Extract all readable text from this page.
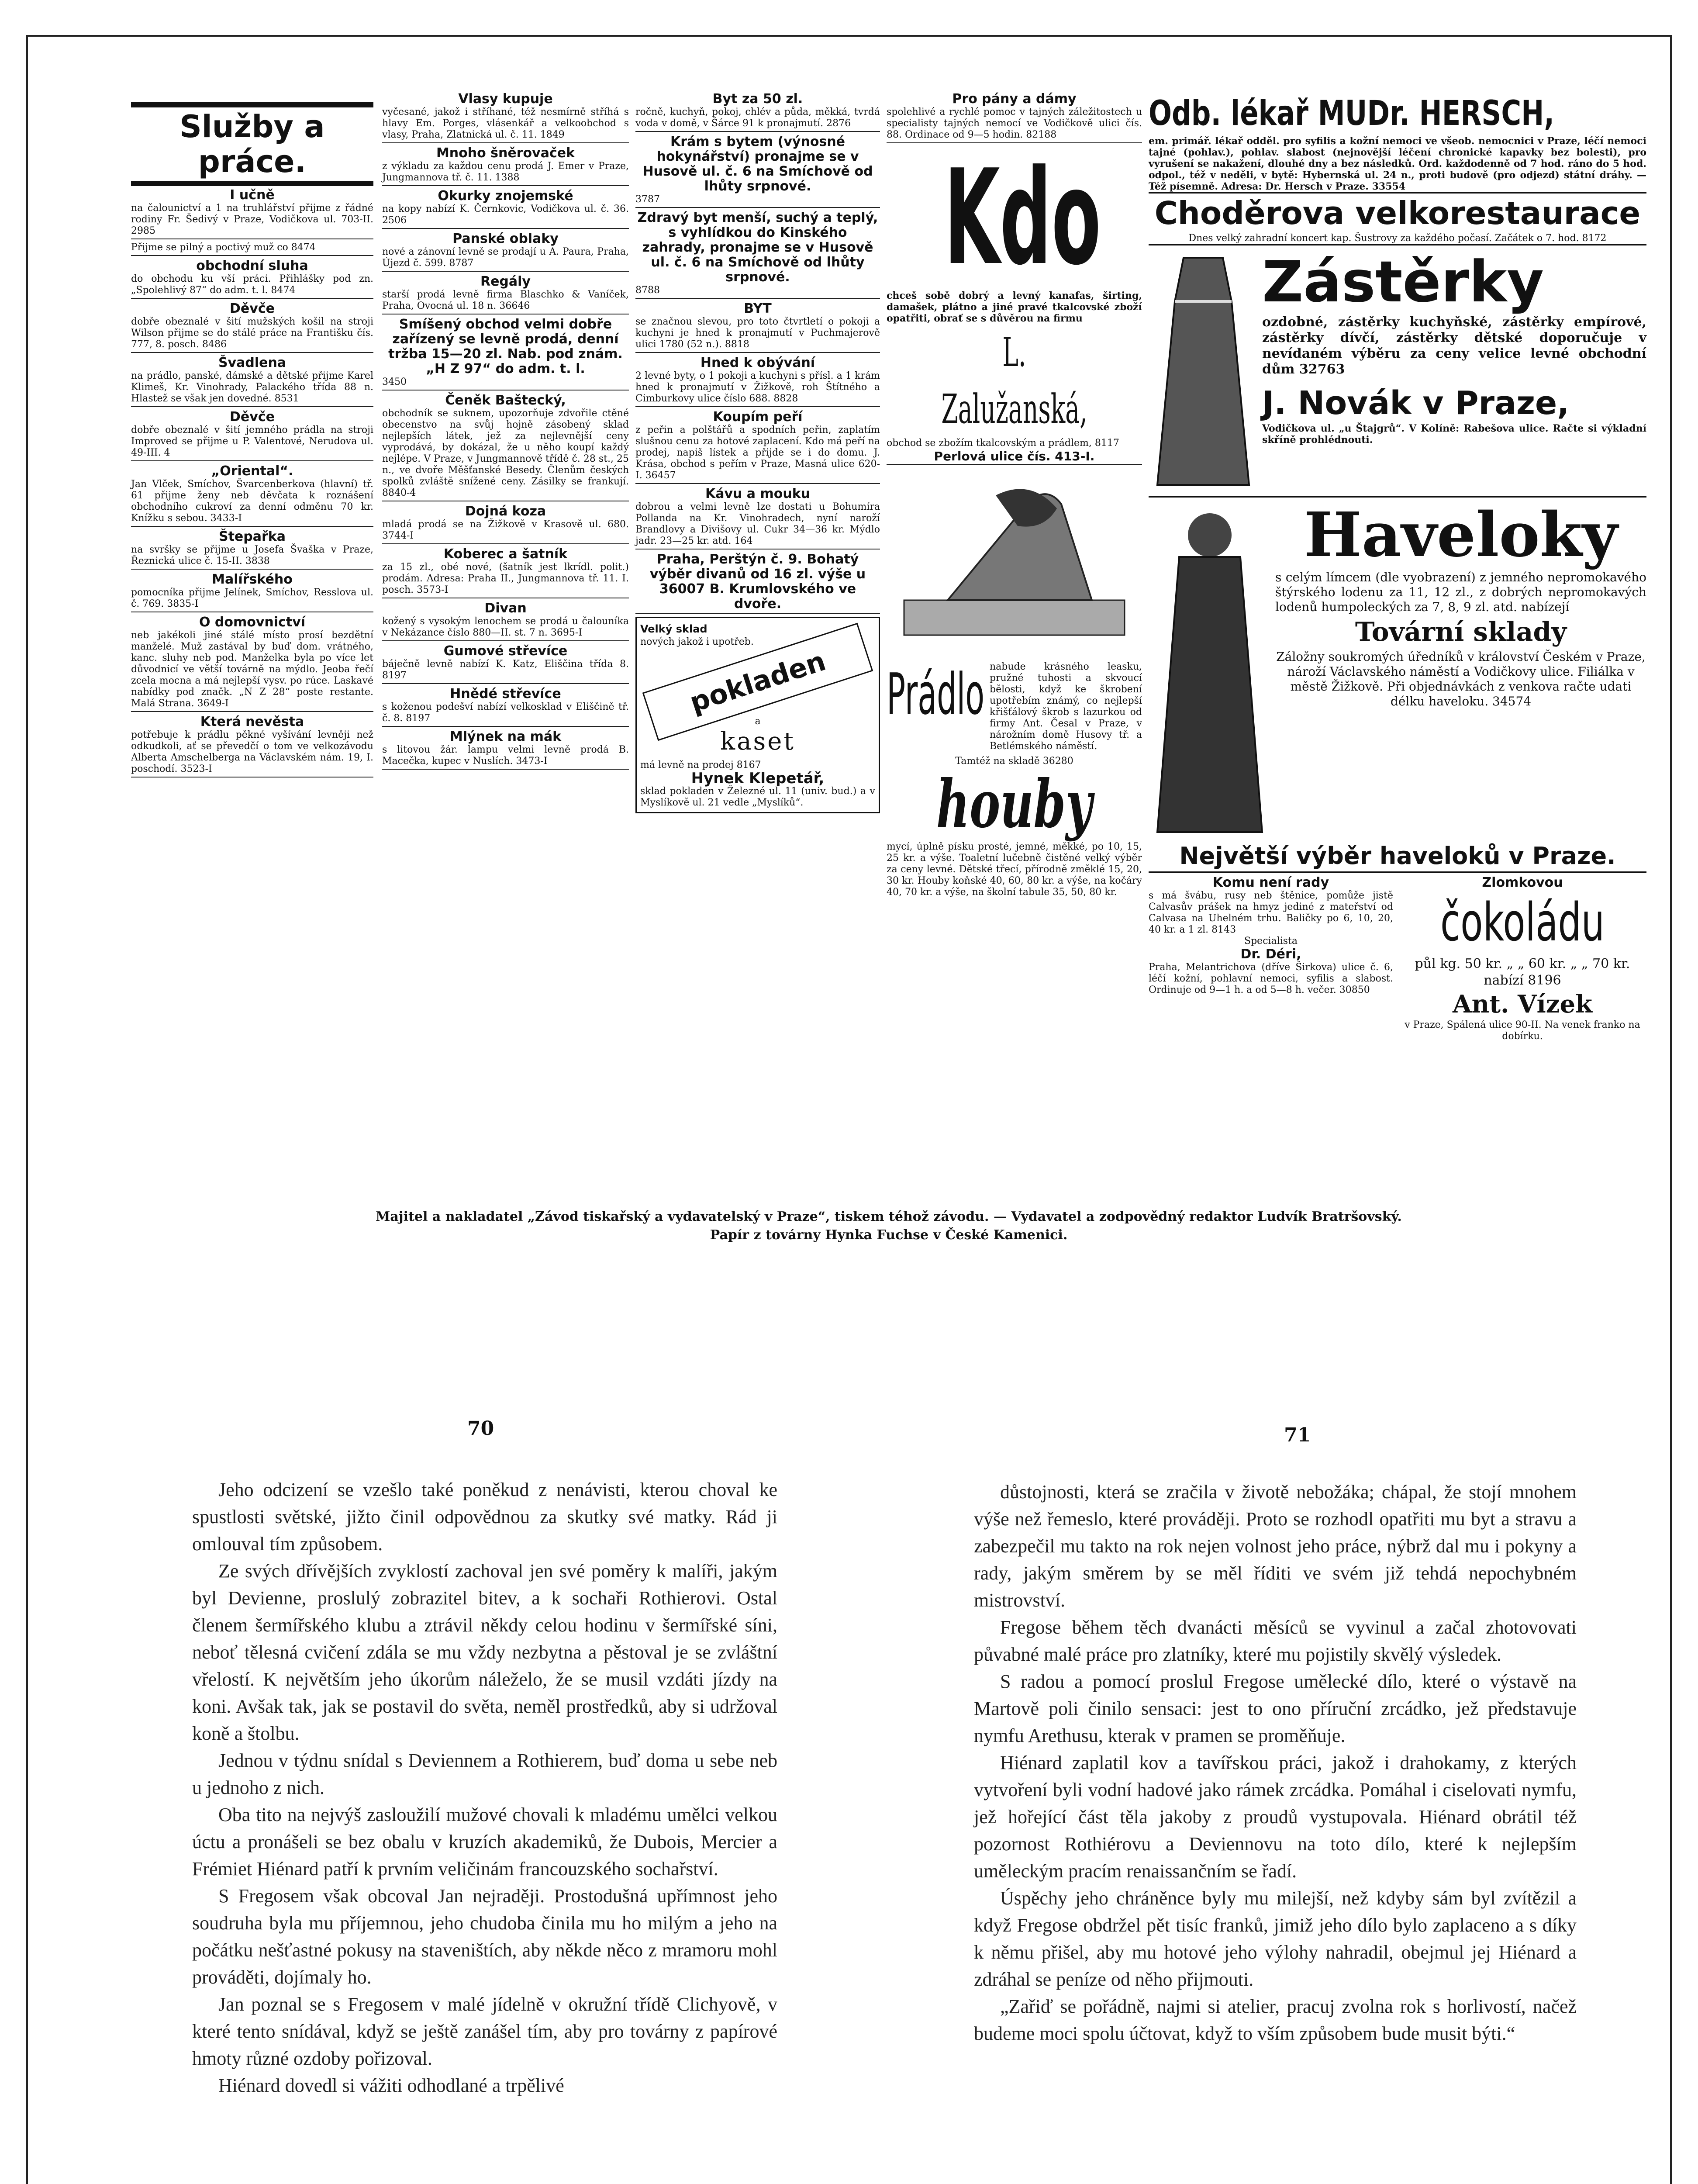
Služby a práce.
I učně
na čalounictví a 1 na truhlářství přijme z řádné rodiny Fr. Šedivý v Praze, Vodičkova ul. 703-II. 2985
Přijme se pilný a poctivý muž co 8474
obchodní sluha
do obchodu ku vší práci. Přihlášky pod zn. „Spolehlivý 87“ do adm. t. l. 8474
Děvče
dobře obeznalé v šití mužských košil na stroji Wilson přijme se do stálé práce na Františku čís. 777, 8. posch. 8486
Švadlena
na prádlo, panské, dámské a dětské přijme Karel Klimeš, Kr. Vinohrady, Palackého třída 88 n. Hlastež se však jen dovedné. 8531
Děvče
dobře obeznalé v šití jemného prádla na stroji Improved se přijme u P. Valentové, Nerudova ul. 49-III. 4
„Oriental“.
Jan Vlček, Smíchov, Švarcenberkova (hlavní) tř. 61 přijme ženy neb děvčata k roznášení obchodního cukroví za denní odměnu 70 kr. Knížku s sebou. 3433-I
Štepařka
na svršky se přijme u Josefa Švaška v Praze, Řeznická ulice č. 15-II. 3838
Malířského
pomocníka přijme Jelínek, Smíchov, Resslova ul. č. 769. 3835-I
O domovnictví
neb jakékoli jiné stálé místo prosí bezdětní manželé. Muž zastával by buď dom. vrátného, kanc. sluhy neb pod. Manželka byla po více let důvodnicí ve větší továrně na mýdlo. Jeoba řečí zcela mocna a má nejlepší vysv. po rúce. Laskavé nabídky pod značk. „N Z 28“ poste restante. Malá Strana. 3649-I
Která nevěsta
potřebuje k prádlu pěkné vyšívání levněji než odkudkoli, ať se převedčí o tom ve velkozávodu Alberta Amschelberga na Václavském nám. 19, I. poschodí. 3523-I
Vlasy kupuje
vyčesané, jakož i stříhané, též nesmírně stříhá s hlavy Em. Porges, vlásenkář a velkoobchod s vlasy, Praha, Zlatnická ul. č. 11. 1849
Mnoho šněrovaček
z výkladu za každou cenu prodá J. Emer v Praze, Jungmannova tř. č. 11. 1388
Okurky znojemské
na kopy nabízí K. Černkovic, Vodičkova ul. č. 36. 2506
Panské oblaky
nové a zánovní levně se prodají u A. Paura, Praha, Újezd č. 599. 8787
Regály
starší prodá levně firma Blaschko & Vaníček, Praha, Ovocná ul. 18 n. 36646
Smíšený obchod velmi dobře zařízený se levně prodá, denní tržba 15—20 zl. Nab. pod znám. „H Z 97“ do adm. t. l.
3450
Čeněk Baštecký,
obchodník se suknem, upozorňuje zdvořile ctěné obecenstvo na svůj hojně zásobený sklad nejlepších látek, jež za nejlevnější ceny vyprodává, by dokázal, že u něho koupí každý nejlépe. V Praze, v Jungmannově třídě č. 28 st., 25 n., ve dvoře Měšťanské Besedy. Členům českých spolků zvláště snížené ceny. Zásilky se frankují. 8840-4
Dojná koza
mladá prodá se na Žižkově v Krasově ul. 680. 3744-I
Koberec a šatník
za 15 zl., obé nové, (šatník jest lkrídl. polit.) prodám. Adresa: Praha II., Jungmannova tř. 11. I. posch. 3573-I
Divan
kožený s vysokým lenochem se prodá u čalouníka v Nekázance číslo 880—II. st. 7 n. 3695-I
Gumové střevíce
báječně levně nabízí K. Katz, Eliščina třída 8. 8197
Hnědé střevíce
s koženou podešví nabízí velkosklad v Eliščině tř. č. 8. 8197
Mlýnek na mák
s litovou žár. lampu velmi levně prodá B. Macečka, kupec v Nuslích. 3473-I
Byt za 50 zl.
ročně, kuchyň, pokoj, chlév a půda, měkká, tvrdá voda v domě, v Šárce 91 k pronajmutí. 2876
Krám s bytem (výnosné hokynářství) pronajme se v Husově ul. č. 6 na Smíchově od lhůty srpnové.
3787
Zdravý byt menší, suchý a teplý, s vyhlídkou do Kinského zahrady, pronajme se v Husově ul. č. 6 na Smíchově od lhůty srpnové.
8788
BYT
se značnou slevou, pro toto čtvrtletí o pokoji a kuchyni je hned k pronajmutí v Puchmajerově ulici 1780 (52 n.). 8818
Hned k obývání
2 levné byty, o 1 pokoji a kuchyni s přísl. a 1 krám hned k pronajmutí v Žižkově, roh Štítného a Cimburkovy ulice číslo 688. 8828
Koupím peří
z peřin a polštářů a spodních peřin, zaplatím slušnou cenu za hotové zaplacení. Kdo má peří na prodej, napiš lístek a přijde se i do domu. J. Krása, obchod s peřím v Praze, Masná ulice 620-I. 36457
Kávu a mouku
dobrou a velmi levně lze dostati u Bohumíra Pollanda na Kr. Vinohradech, nyní naroží Brandlovy a Divišovy ul. Cukr 34—36 kr. Mýdlo jadr. 23—25 kr. atd. 164
Praha, Perštýn č. 9. Bohatý výběr divanů od 16 zl. výše u 36007 B. Krumlovského ve dvoře.
Velký sklad
nových jakož i upotřeb.
pokladen
a
kaset
má levně na prodej 8167
Hynek Klepetář,
sklad pokladen v Železné ul. 11 (univ. bud.) a v Myslíkově ul. 21 vedle „Myslíků“.
Pro pány a dámy
spolehlivé a rychlé pomoc v tajných záležitostech u specialisty tajných nemocí ve Vodičkově ulici čís. 88. Ordinace od 9—5 hodin. 82188
Kdo
chceš sobě dobrý a levný kanafas, širting, damašek, plátno a jiné pravé tkalcovské zboží opatřiti, obrať se s důvěrou na firmu
L. Zalužanská,
obchod se zbožím tkalcovským a prádlem, 8117
Perlová ulice čís. 413-I.
Prádlo nabude krásného leasku, pružné tuhosti a skvoucí bělosti, když ke škrobení upotřebím známý, co nejlepší křišťálový škrob s lazurkou od firmy Ant. Česal v Praze, v nárožním domě Husovy tř. a Betlémského náměstí.
Tamtéž na skladě 36280
houby
mycí, úplně písku prosté, jemné, měkké, po 10, 15, 25 kr. a výše. Toaletní lučebně čistěné velký výběr za ceny levné. Dětské třecí, přírodně změklé 15, 20, 30 kr. Houby koňské 40, 60, 80 kr. a výše, na kočáry 40, 70 kr. a výše, na školní tabule 35, 50, 80 kr.
Odb. lékař MUDr. HERSCH,
em. primář. lékař odděl. pro syfilis a kožní nemoci ve všeob. nemocnici v Praze, léčí nemoci tajné (pohlav.), pohlav. slabost (nejnovější léčení chronické kapavky bez bolesti), pro vyrušení se nakažení, dlouhé dny a bez následků. Ord. každodenně od 7 hod. ráno do 5 hod. odpol., též v neděli, v bytě: Hybernská ul. 24 n., proti budově (pro odjezd) státní dráhy. — Též písemně. Adresa: Dr. Hersch v Praze. 33554
Choděrova velkorestaurace
Dnes velký zahradní koncert kap. Šustrovy za každého počasí. Začátek o 7. hod. 8172
Zástěrky
ozdobné, zástěrky kuchyňské, zástěrky empírové, zástěrky dívčí, zástěrky dětské doporučuje v nevídaném výběru za ceny velice levné obchodní dům 32763
J. Novák v Praze,
Vodičkova ul. „u Štajgrů“. V Kolíně: Rabešova ulice. Račte si výkladní skříně prohlédnouti.
Haveloky
s celým límcem (dle vyobrazení) z jemného nepromokavého štýrského lodenu za 11, 12 zl., z dobrých nepromokavých lodenů humpoleckých za 7, 8, 9 zl. atd. nabízejí
Tovární sklady
Záložny soukromých úředníků v království Českém v Praze, nároží Václavského náměstí a Vodičkovy ulice. Filiálka v městě Žižkově. Při objednávkách z venkova račte udati délku haveloku. 34574
Největší výběr haveloků v Praze.
Komu není rady
s má švábu, rusy neb štěnice, pomůže jistě Calvasův prášek na hmyz jediné z mateřství od Calvasa na Uhelném trhu. Baličky po 6, 10, 20, 40 kr. a 1 zl. 8143
Specialista
Dr. Déri,
Praha, Melantrichova (dříve Širkova) ulice č. 6, léčí kožní, pohlavní nemoci, syfilis a slabost. Ordinuje od 9—1 h. a od 5—8 h. večer. 30850
Zlomkovou
čokoládu
půl kg. 50 kr. „ „ 60 kr. „ „ 70 kr. nabízí 8196
Ant. Vízek
v Praze, Spálená ulice 90-II. Na venek franko na dobírku.
Majitel a nakladatel „Závod tiskařský a vydavatelský v Praze“, tiskem téhož závodu. — Vydavatel a zodpovědný redaktor Ludvík Bratršovský.
Papír z továrny Hynka Fuchse v České Kamenici.
70	71

Jeho odcizení se vzešlo také poněkud z nenávisti, kterou choval ke spustlosti světské, jižto činil odpovědnou za skutky své matky. Rád ji omlouval tím způsobem.

Ze svých dřívějších zvyklostí zachoval jen své poměry k malíři, jakým byl Devienne, proslulý zobrazitel bitev, a k sochaři Rothierovi. Ostal členem šermířského klubu a ztrávil někdy celou hodinu v šermířské síni, neboť tělesná cvičení zdála se mu vždy nezbytna a pěstoval je se zvláštní vřelostí. K největším jeho úkorům náleželo, že se musil vzdáti jízdy na koni. Avšak tak, jak se postavil do světa, neměl prostředků, aby si udržoval koně a štolbu.

Jednou v týdnu snídal s Deviennem a Rothierem, buď doma u sebe neb u jednoho z nich.

Oba tito na nejvýš zasloužilí mužové chovali k mladému umělci velkou úctu a pronášeli se bez obalu v kruzích akademiků, že Dubois, Mercier a Frémiet Hiénard patří k prvním veličinám francouzského sochařství.

S Fregosem však obcoval Jan nejraději. Prostodušná upřímnost jeho soudruha byla mu příjemnou, jeho chudoba činila mu ho milým a jeho na počátku nešťastné pokusy na staveništích, aby někde něco z mramoru mohl prováděti, dojímaly ho.

Jan poznal se s Fregosem v malé jídelně v okružní třídě Clichyově, v které tento snídával, když se ještě zanášel tím, aby pro továrny z papírové hmoty různé ozdoby pořizoval.

Hiénard dovedl si vážiti odhodlané a trpělivé

důstojnosti, která se zračila v životě nebožáka; chápal, že stojí mnohem výše než řemeslo, které prováději. Proto se rozhodl opatřiti mu byt a stravu a zabezpečil mu takto na rok nejen volnost jeho práce, nýbrž dal mu i pokyny a rady, jakým směrem by se měl říditi ve svém již tehdá nepochybném mistrovství.

Fregose během těch dvanácti měsíců se vyvinul a začal zhotovovati půvabné malé práce pro zlatníky, které mu pojistily skvělý výsledek.

S radou a pomocí proslul Fregose umělecké dílo, které o výstavě na Martově poli činilo sensaci: jest to ono příruční zrcádko, jež představuje nymfu Arethusu, kterak v pramen se proměňuje.

Hiénard zaplatil kov a tavířskou práci, jakož i drahokamy, z kterých vytvoření byli vodní hadové jako rámek zrcádka. Pomáhal i ciselovati nymfu, jež hořející část těla jakoby z proudů vystupovala. Hiénard obrátil též pozornost Rothiérovu a Deviennovu na toto dílo, které k nejlepším uměleckým pracím renaissančním se řadí.

Úspěchy jeho chráněnce byly mu milejší, než kdyby sám byl zvítězil a když Fregose obdržel pět tisíc franků, jimiž jeho dílo bylo zaplaceno a s díky k němu přišel, aby mu hotové jeho výlohy nahradil, obejmul jej Hiénard a zdráhal se peníze od něho přijmouti.

„Zařiď se pořádně, najmi si atelier, pracuj zvolna rok s horlivostí, načež budeme moci spolu účtovat, když to vším způsobem bude musit býti.“
